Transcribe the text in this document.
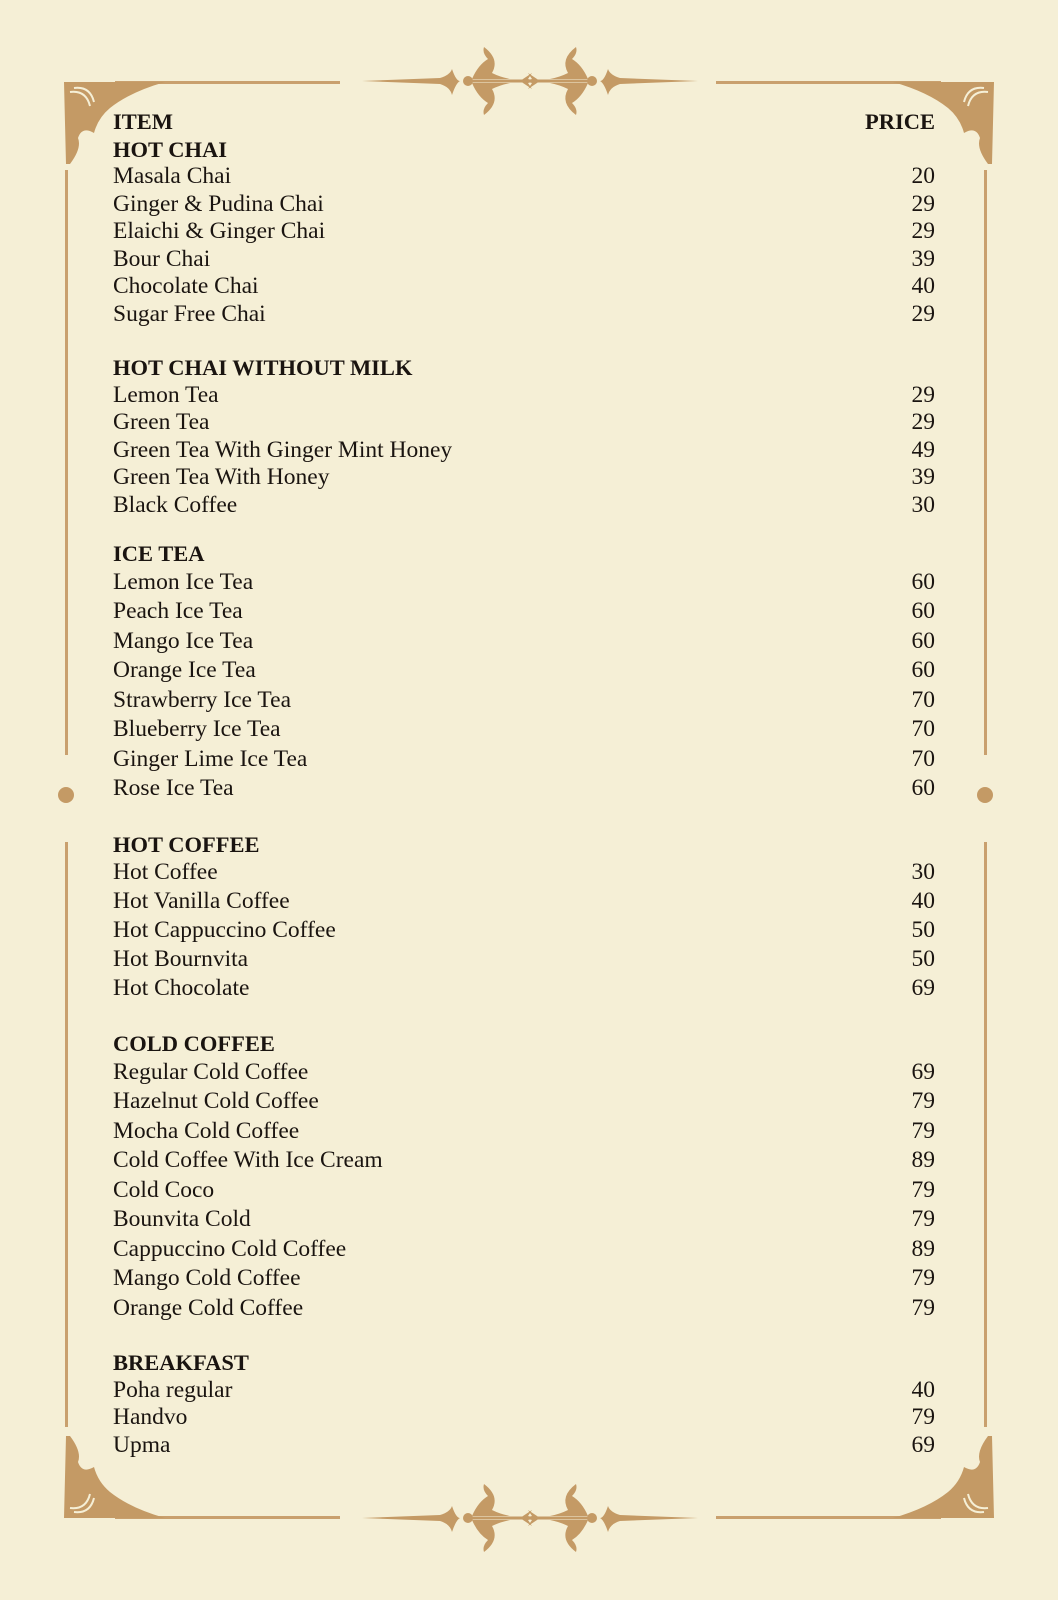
ITEM	PRICE
HOT CHAI
Masala Chai	20
Ginger & Pudina Chai	29
Elaichi & Ginger Chai	29
Bour Chai	39
Chocolate Chai	40
Sugar Free Chai	29
HOT CHAI WITHOUT MILK
Lemon Tea	29
Green Tea	29
Green Tea With Ginger Mint Honey	49
Green Tea With Honey	39
Black Coffee	30
ICE TEA
Lemon Ice Tea	60
Peach Ice Tea	60
Mango Ice Tea	60
Orange Ice Tea	60
Strawberry Ice Tea	70
Blueberry Ice Tea	70
Ginger Lime Ice Tea	70
Rose Ice Tea	60
HOT COFFEE
Hot Coffee	30
Hot Vanilla Coffee	40
Hot Cappuccino Coffee	50
Hot Bournvita	50
Hot Chocolate	69
COLD COFFEE
Regular Cold Coffee	69
Hazelnut Cold Coffee	79
Mocha Cold Coffee	79
Cold Coffee With Ice Cream	89
Cold Coco	79
Bounvita Cold	79
Cappuccino Cold Coffee	89
Mango Cold Coffee	79
Orange Cold Coffee	79
BREAKFAST
Poha regular	40
Handvo	79
Upma	69
